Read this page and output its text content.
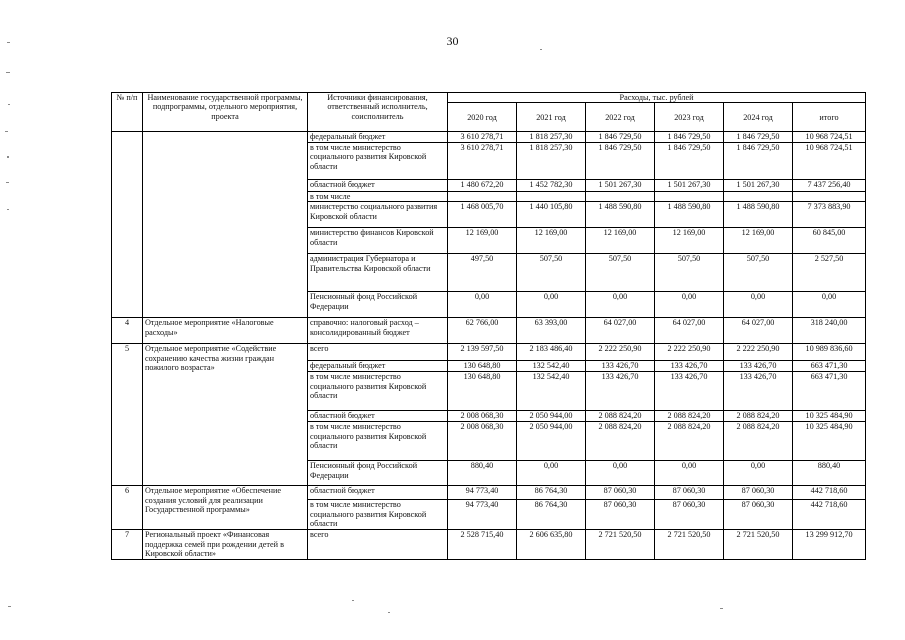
30
№ п/п	Наименование государственной программы, подпрограммы, отдельного мероприятия, проекта	Источники финансирования, ответственный исполнитель, соисполнитель	Расходы, тыс. рублей					
			2020 год	2021 год	2022 год	2023 год	2024 год	итого
		федеральный бюджет	3 610 278,71	1 818 257,30	1 846 729,50	1 846 729,50	1 846 729,50	10 968 724,51
		в том числе министерство социального развития Кировской области	3 610 278,71	1 818 257,30	1 846 729,50	1 846 729,50	1 846 729,50	10 968 724,51
		областной бюджет	1 480 672,20	1 452 782,30	1 501 267,30	1 501 267,30	1 501 267,30	7 437 256,40
		в том числе						
		министерство социального развития Кировской области	1 468 005,70	1 440 105,80	1 488 590,80	1 488 590,80	1 488 590,80	7 373 883,90
		министерство финансов Кировской области	12 169,00	12 169,00	12 169,00	12 169,00	12 169,00	60 845,00
		администрация Губернатора и Правительства Кировской области	497,50	507,50	507,50	507,50	507,50	2 527,50
		Пенсионный фонд Российской Федерации	0,00	0,00	0,00	0,00	0,00	0,00
4	Отдельное мероприятие «Налоговые расходы»	справочно: налоговый расход – консолидированный бюджет	62 766,00	63 393,00	64 027,00	64 027,00	64 027,00	318 240,00
5	Отдельное мероприятие «Содействие сохранению качества жизни граждан пожилого возраста»	всего	2 139 597,50	2 183 486,40	2 222 250,90	2 222 250,90	2 222 250,90	10 989 836,60
		федеральный бюджет	130 648,80	132 542,40	133 426,70	133 426,70	133 426,70	663 471,30
		в том числе министерство социального развития Кировской области	130 648,80	132 542,40	133 426,70	133 426,70	133 426,70	663 471,30
		областной бюджет	2 008 068,30	2 050 944,00	2 088 824,20	2 088 824,20	2 088 824,20	10 325 484,90
		в том числе министерство социального развития Кировской области	2 008 068,30	2 050 944,00	2 088 824,20	2 088 824,20	2 088 824,20	10 325 484,90
		Пенсионный фонд Российской Федерации	880,40	0,00	0,00	0,00	0,00	880,40
6	Отдельное мероприятие «Обеспечение создания условий для реализации Государственной программы»	областной бюджет	94 773,40	86 764,30	87 060,30	87 060,30	87 060,30	442 718,60
		в том числе министерство социального развития Кировской области	94 773,40	86 764,30	87 060,30	87 060,30	87 060,30	442 718,60
7	Региональный проект «Финансовая поддержка семей при рождении детей в Кировской области»	всего	2 528 715,40	2 606 635,80	2 721 520,50	2 721 520,50	2 721 520,50	13 299 912,70
